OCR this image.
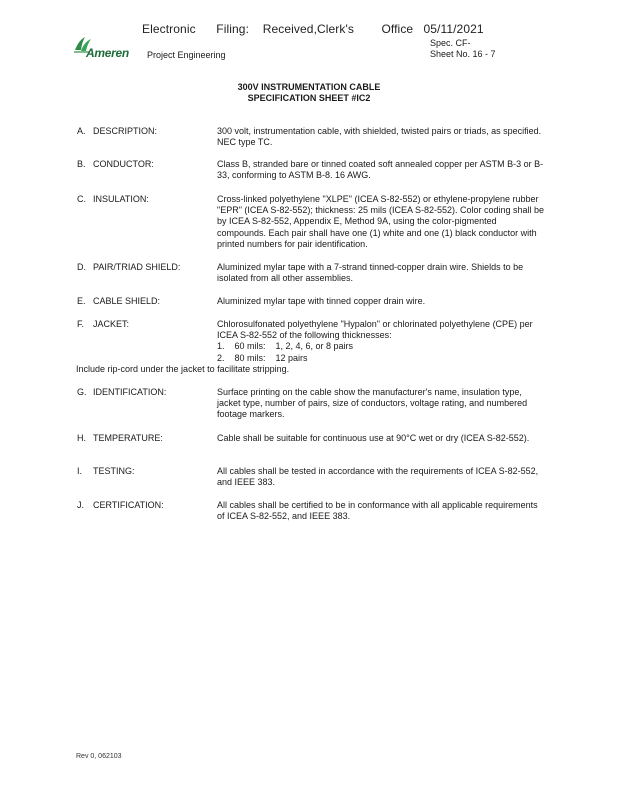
Electronic      Filing:    Received,Clerk's        Office   05/11/2021
Ameren Project Engineering
Spec. CF-
Sheet No. 16 - 7
300V INSTRUMENTATION CABLE
SPECIFICATION SHEET #IC2
A. DESCRIPTION:	300 volt, instrumentation cable, with shielded, twisted pairs or triads, as specified. NEC type TC.
B. CONDUCTOR:	Class B, stranded bare or tinned coated soft annealed copper per ASTM B-3 or B-33, conforming to ASTM B-8. 16 AWG.
C. INSULATION:	Cross-linked polyethylene "XLPE" (ICEA S-82-552) or ethylene-propylene rubber "EPR" (ICEA S-82-552); thickness: 25 mils (ICEA S-82-552). Color coding shall be by ICEA S-82-552, Appendix E, Method 9A, using the color-pigmented compounds. Each pair shall have one (1) white and one (1) black conductor with printed numbers for pair identification.
D. PAIR/TRIAD SHIELD:	Aluminized mylar tape with a 7-strand tinned-copper drain wire. Shields to be isolated from all other assemblies.
E. CABLE SHIELD:	Aluminized mylar tape with tinned copper drain wire.
F. JACKET:	Chlorosulfonated polyethylene "Hypalon" or chlorinated polyethylene (CPE) per ICEA S-82-552 of the following thicknesses:
1.    60 mils:    1, 2, 4, 6, or 8 pairs
2.    80 mils:    12 pairs
Include rip-cord under the jacket to facilitate stripping.
G. IDENTIFICATION:	Surface printing on the cable show the manufacturer's name, insulation type, jacket type, number of pairs, size of conductors, voltage rating, and numbered footage markers.
H. TEMPERATURE:	Cable shall be suitable for continuous use at 90°C wet or dry (ICEA S-82-552).
I. TESTING:	All cables shall be tested in accordance with the requirements of ICEA S-82-552, and IEEE 383.
J. CERTIFICATION:	All cables shall be certified to be in conformance with all applicable requirements of ICEA S-82-552, and IEEE 383.
Rev 0, 062103
